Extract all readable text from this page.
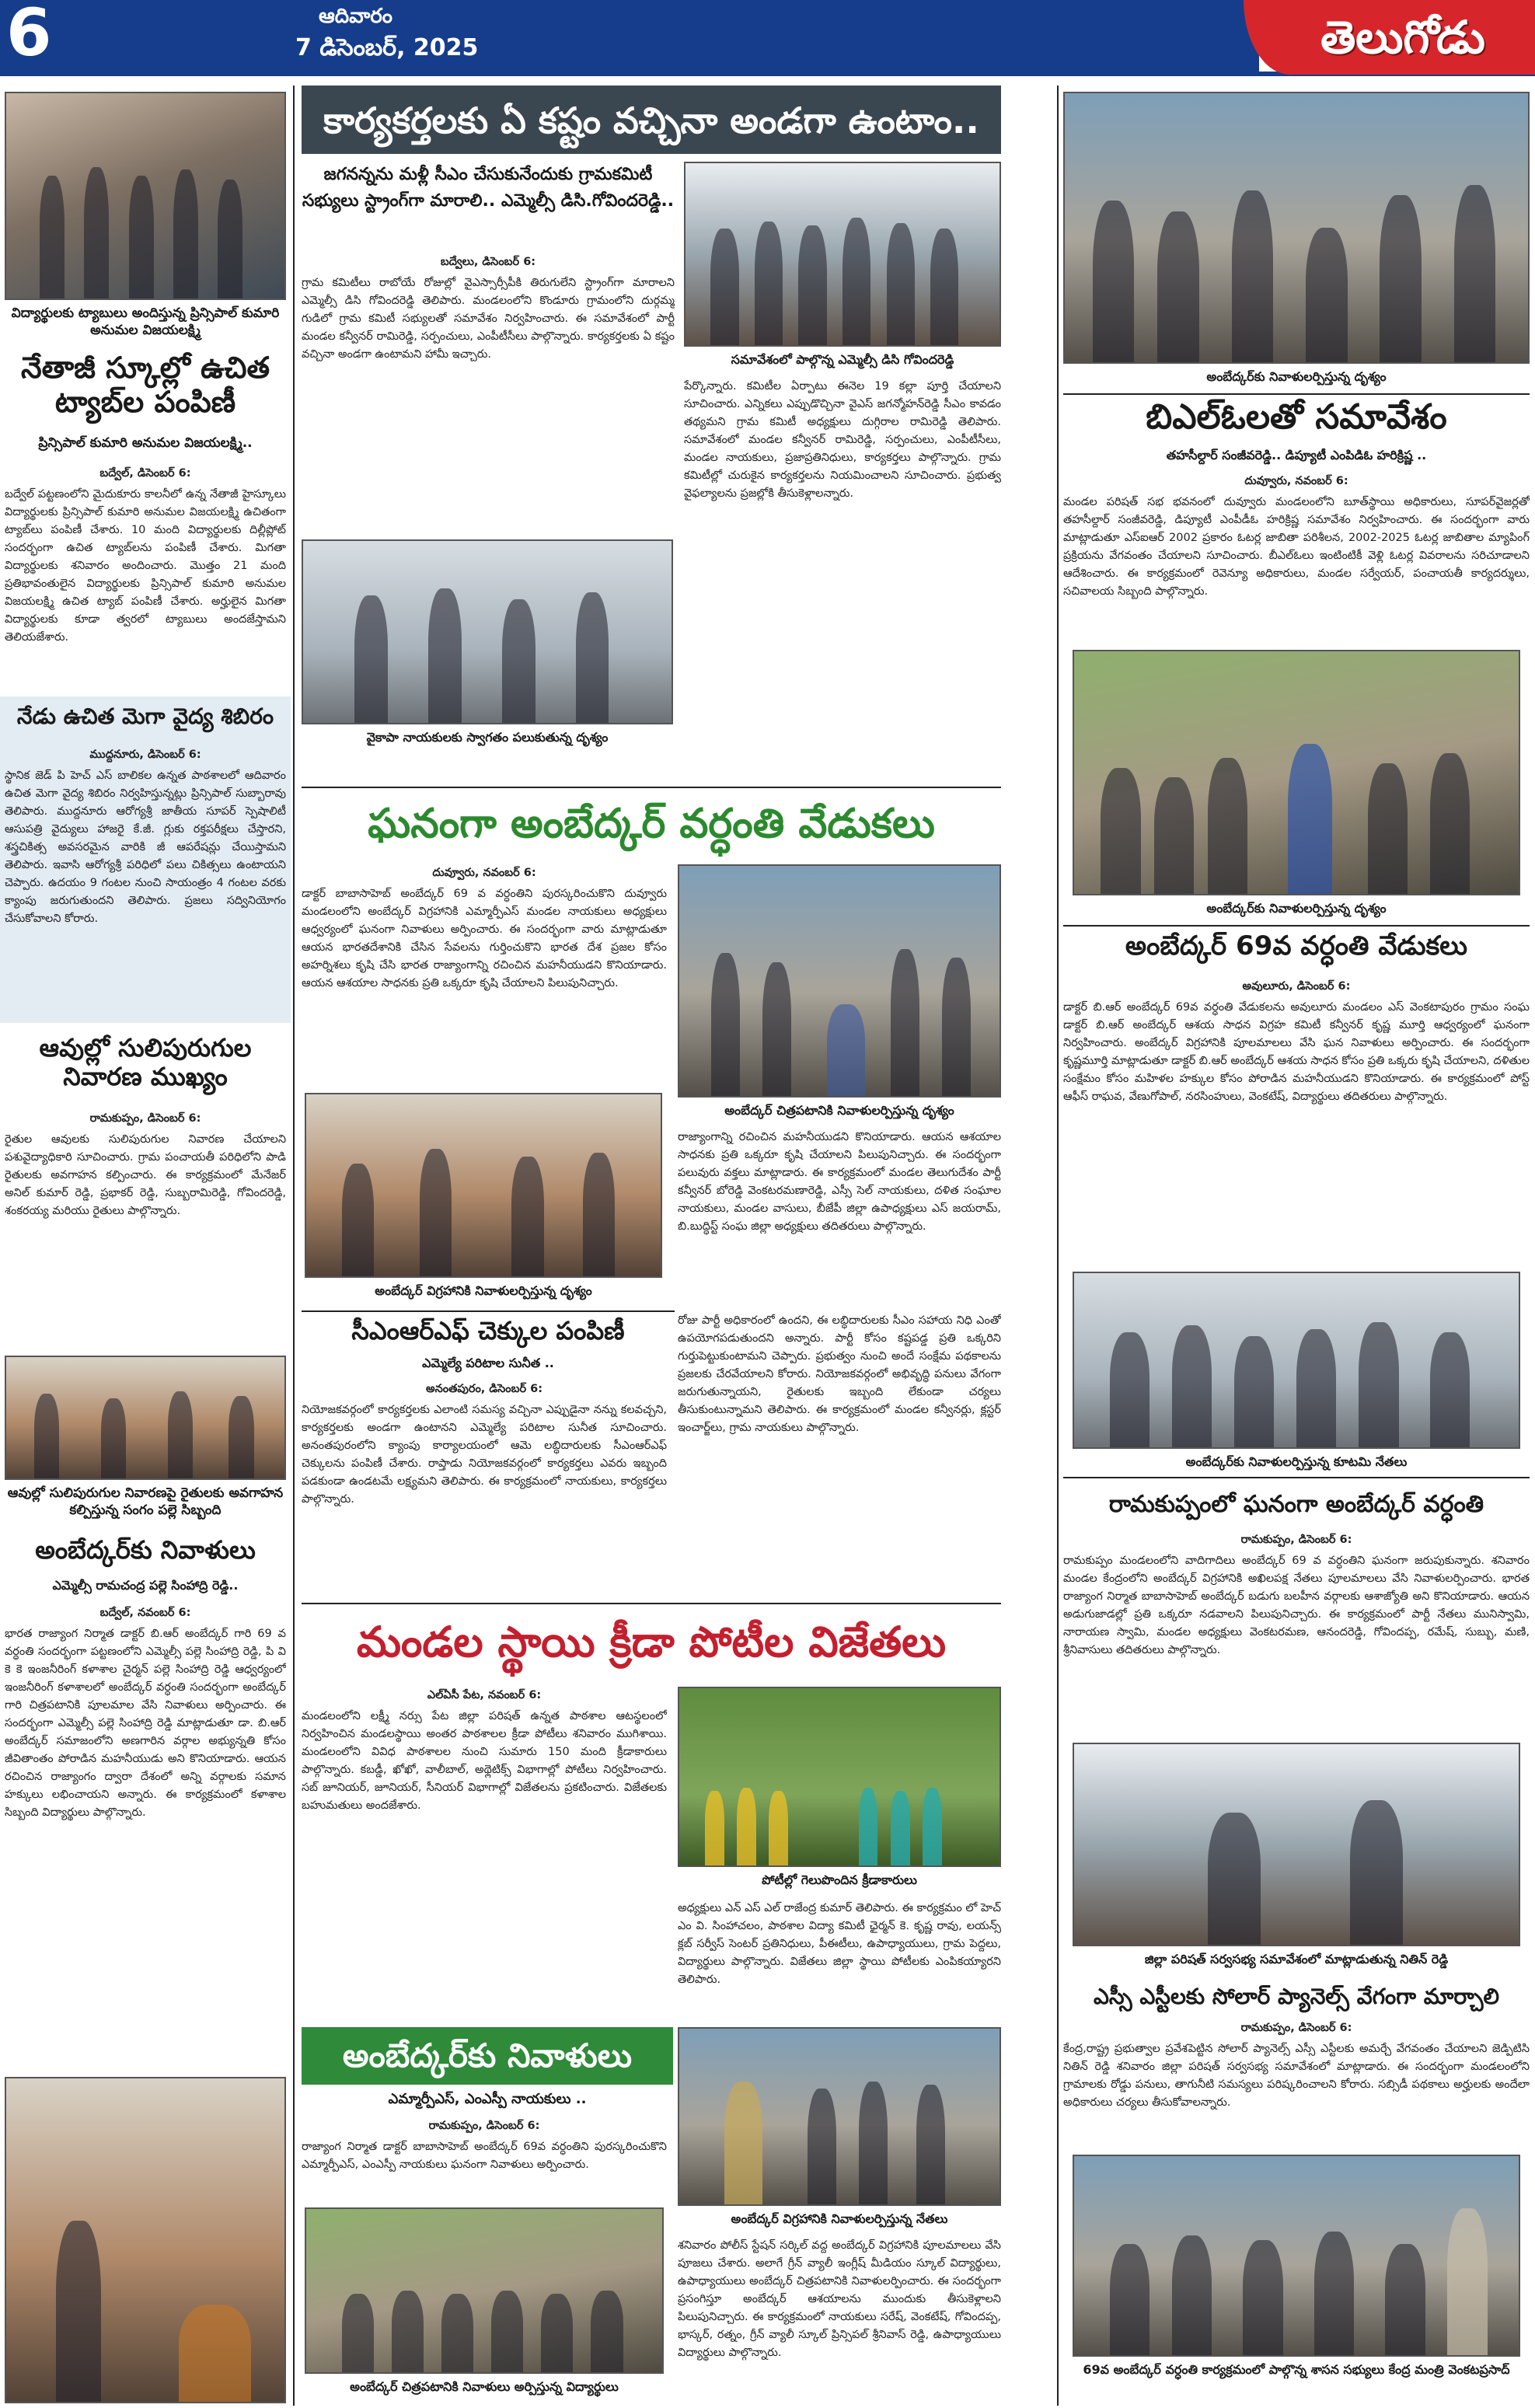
6	ఆదివారం
7 డిసెంబర్, 2025	తెలుగోడు
విద్యార్థులకు ట్యాబులు అందిస్తున్న ప్రిన్సిపాల్ కుమారి అనుమల విజయలక్ష్మి
నేతాజీ స్కూల్లో ఉచిత ట్యాబ్‌ల పంపిణీ
ప్రిన్సిపాల్ కుమారి అనుమల విజయలక్ష్మి..
బద్వేల్, డిసెంబర్ 6:
బద్వేల్ పట్టణంలోని మైదుకూరు కాలనీలో ఉన్న నేతాజీ హైస్కూలు విద్యార్థులకు ప్రిన్సిపాల్ కుమారి అనుమల విజయలక్ష్మి ఉచితంగా ట్యాబ్‌లు పంపిణీ చేశారు. 10 మంది విద్యార్థులకు దిల్లీప్లోట్ సందర్భంగా ఉచిత ట్యాబ్‌లను పంపిణీ చేశారు. మిగతా విద్యార్థులకు శనివారం అందించారు. మొత్తం 21 మంది ప్రతిభావంతులైన విద్యార్థులకు ప్రిన్సిపాల్ కుమారి అనుమల విజయలక్ష్మి ఉచిత ట్యాబ్ పంపిణీ చేశారు. అర్హులైన మిగతా విద్యార్థులకు కూడా త్వరలో ట్యాబులు అందజేస్తామని తెలియజేశారు.
నేడు ఉచిత మెగా వైద్య శిబిరం
ముద్దనూరు, డిసెంబర్ 6:
స్థానిక జెడ్ పి హెచ్ ఎస్ బాలికల ఉన్నత పాఠశాలలో ఆదివారం ఉచిత మెగా వైద్య శిబిరం నిర్వహిస్తున్నట్లు ప్రిన్సిపాల్ సుబ్బారావు తెలిపారు. ముద్దనూరు ఆరోగ్యశ్రీ జాతీయ సూపర్ స్పెషాలిటీ ఆసుపత్రి వైద్యులు హాజరై కే.జీ. గ్లుకు రక్తపరీక్షలు చేస్తారని, శస్త్రచికిత్స అవసరమైన వారికి జీ ఆపరేషన్లు చేయిస్తామని తెలిపారు. ఇవాసి ఆరోగ్యశ్రీ పరిధిలో పలు చికిత్సలు ఉంటాయని చెప్పారు. ఉదయం 9 గంటల నుంచి సాయంత్రం 4 గంటల వరకు క్యాంపు జరుగుతుందని తెలిపారు. ప్రజలు సద్వినియోగం చేసుకోవాలని కోరారు.
ఆవుల్లో సులిపురుగుల నివారణ ముఖ్యం
రామకుప్పం, డిసెంబర్ 6:
రైతుల ఆవులకు సులిపురుగుల నివారణ చేయాలని పశువైద్యాధికారి సూచించారు. గ్రామ పంచాయతీ పరిధిలోని పాడి రైతులకు అవగాహన కల్పించారు. ఈ కార్యక్రమంలో మేనేజర్ అనిల్ కుమార్ రెడ్డి, ప్రభాకర్ రెడ్డి, సుబ్బరామిరెడ్డి, గోవిందరెడ్డి, శంకరయ్య మరియు రైతులు పాల్గొన్నారు.
ఆవుల్లో సులిపురుగుల నివారణపై రైతులకు అవగాహన కల్పిస్తున్న సంగం పల్లె సిబ్బంది
అంబేద్కర్‌కు నివాళులు
ఎమ్మెల్సీ రామచంద్ర పల్లె సింహాద్రి రెడ్డి..
బద్వేల్, నవంబర్ 6:
భారత రాజ్యాంగ నిర్మాత డాక్టర్ బి.ఆర్ అంబేద్కర్ గారి 69 వ వర్ధంతి సందర్భంగా పట్టణంలోని ఎమ్మెల్సీ పల్లె సింహాద్రి రెడ్డి, పి వి కె కె ఇంజనీరింగ్ కళాశాల చైర్మన్ పల్లె సింహాద్రి రెడ్డి ఆధ్వర్యంలో ఇంజనీరింగ్ కళాశాలలో అంబేద్కర్ వర్ధంతి సందర్భంగా అంబేద్కర్ గారి చిత్రపటానికి పూలమాల వేసి నివాళులు అర్పించారు. ఈ సందర్భంగా ఎమ్మెల్సీ పల్లె సింహాద్రి రెడ్డి మాట్లాడుతూ డా. బి.ఆర్ అంబేద్కర్ సమాజంలోని అణగారిన వర్గాల అభ్యున్నతి కోసం జీవితాంతం పోరాడిన మహనీయుడు అని కొనియాడారు. ఆయన రచించిన రాజ్యాంగం ద్వారా దేశంలో అన్ని వర్గాలకు సమాన హక్కులు లభించాయని అన్నారు. ఈ కార్యక్రమంలో కళాశాల సిబ్బంది విద్యార్థులు పాల్గొన్నారు.
కార్యకర్తలకు ఏ కష్టం వచ్చినా అండగా ఉంటాం..
జగనన్నను మళ్లీ సీఎం చేసుకునేందుకు గ్రామకమిటీ సభ్యులు స్ట్రాంగ్‌గా మారాలి.. ఎమ్మెల్సీ డిసి.గోవిందరెడ్డి..
సమావేశంలో పాల్గొన్న ఎమ్మెల్సీ డిసి గోవిందరెడ్డి
బద్వేలు, డిసెంబర్ 6:
గ్రామ కమిటీలు రాబోయే రోజుల్లో వైఎస్సార్సీపీకి తిరుగులేని స్ట్రాంగ్‌గా మారాలని ఎమ్మెల్సీ డిసి గోవిందరెడ్డి తెలిపారు. మండలంలోని కొండూరు గ్రామంలోని దుర్గమ్మ గుడిలో గ్రామ కమిటీ సభ్యులతో సమావేశం నిర్వహించారు. ఈ సమావేశంలో పార్టీ మండల కన్వీనర్ రామిరెడ్డి, సర్పంచులు, ఎంపీటీసీలు పాల్గొన్నారు. కార్యకర్తలకు ఏ కష్టం వచ్చినా అండగా ఉంటామని హామీ ఇచ్చారు.
వైకాపా నాయకులకు స్వాగతం పలుకుతున్న దృశ్యం
పేర్కొన్నారు. కమిటీల ఏర్పాటు ఈనెల 19 కల్లా పూర్తి చేయాలని సూచించారు. ఎన్నికలు ఎప్పుడొచ్చినా వైఎస్ జగన్మోహన్‌రెడ్డి సీఎం కావడం తథ్యమని గ్రామ కమిటీ అధ్యక్షులు దుగ్గిరాల రామిరెడ్డి తెలిపారు. సమావేశంలో మండల కన్వీనర్ రామిరెడ్డి, సర్పంచులు, ఎంపీటీసీలు, మండల నాయకులు, ప్రజాప్రతినిధులు, కార్యకర్తలు పాల్గొన్నారు. గ్రామ కమిటీల్లో చురుకైన కార్యకర్తలను నియమించాలని సూచించారు. ప్రభుత్వ వైఫల్యాలను ప్రజల్లోకి తీసుకెళ్లాలన్నారు.
ఘనంగా అంబేద్కర్ వర్ధంతి వేడుకలు
దువ్వూరు, నవంబర్ 6:
డాక్టర్ బాబాసాహెబ్ అంబేద్కర్ 69 వ వర్ధంతిని పురస్కరించుకొని దువ్వూరు మండలంలోని అంబేద్కర్ విగ్రహానికి ఎమ్మార్పీఎస్ మండల నాయకులు అధ్యక్షులు ఆధ్వర్యంలో ఘనంగా నివాళులు అర్పించారు. ఈ సందర్భంగా వారు మాట్లాడుతూ ఆయన భారతదేశానికి చేసిన సేవలను గుర్తించుకొని భారత దేశ ప్రజల కోసం అహర్నిశలు కృషి చేసి భారత రాజ్యాంగాన్ని రచించిన మహనీయుడని కొనియాడారు. ఆయన ఆశయాల సాధనకు ప్రతి ఒక్కరూ కృషి చేయాలని పిలుపునిచ్చారు.
అంబేద్కర్ చిత్రపటానికి నివాళులర్పిస్తున్న దృశ్యం
అంబేద్కర్ విగ్రహానికి నివాళులర్పిస్తున్న దృశ్యం
రాజ్యాంగాన్ని రచించిన మహనీయుడని కొనియాడారు. ఆయన ఆశయాల సాధనకు ప్రతి ఒక్కరూ కృషి చేయాలని పిలుపునిచ్చారు. ఈ సందర్భంగా పలువురు వక్తలు మాట్లాడారు. ఈ కార్యక్రమంలో మండల తెలుగుదేశం పార్టీ కన్వీనర్ బోరెడ్డి వెంకటరమణారెడ్డి, ఎస్సీ సెల్ నాయకులు, దళిత సంఘాల నాయకులు, మండల వాసులు, బీజేపీ జిల్లా ఉపాధ్యక్షులు ఎస్ జయరామ్, బి.బుద్ధిస్ట్ సంఘ జిల్లా అధ్యక్షులు తదితరులు పాల్గొన్నారు.
సీఎంఆర్ఎఫ్ చెక్కుల పంపిణీ
ఎమ్మెల్యే పరిటాల సునీత ..
అనంతపురం, డిసెంబర్ 6:
నియోజకవర్గంలో కార్యకర్తలకు ఎలాంటి సమస్య వచ్చినా ఎప్పుడైనా నన్ను కలవచ్చని, కార్యకర్తలకు అండగా ఉంటానని ఎమ్మెల్యే పరిటాల సునీత సూచించారు. అనంతపురంలోని క్యాంపు కార్యాలయంలో ఆమె లబ్ధిదారులకు సీఎంఆర్ఎఫ్ చెక్కులను పంపిణీ చేశారు. రాప్తాడు నియోజకవర్గంలో కార్యకర్తలు ఎవరు ఇబ్బంది పడకుండా ఉండటమే లక్ష్యమని తెలిపారు. ఈ కార్యక్రమంలో నాయకులు, కార్యకర్తలు పాల్గొన్నారు.
రోజు పార్టీ అధికారంలో ఉందని, ఈ లబ్ధిదారులకు సీఎం సహాయ నిధి ఎంతో ఉపయోగపడుతుందని అన్నారు. పార్టీ కోసం కష్టపడ్డ ప్రతి ఒక్కరిని గుర్తుపెట్టుకుంటామని చెప్పారు. ప్రభుత్వం నుంచి అందే సంక్షేమ పథకాలను ప్రజలకు చేరవేయాలని కోరారు. నియోజకవర్గంలో అభివృద్ధి పనులు వేగంగా జరుగుతున్నాయని, రైతులకు ఇబ్బంది లేకుండా చర్యలు తీసుకుంటున్నామని తెలిపారు. ఈ కార్యక్రమంలో మండల కన్వీనర్లు, క్లస్టర్ ఇంచార్జ్‌లు, గ్రామ నాయకులు పాల్గొన్నారు.
మండల స్థాయి క్రీడా పోటీల విజేతలు
ఎల్ఏసీ పేట, నవంబర్ 6:
మండలంలోని లక్ష్మీ నర్సు పేట జిల్లా పరిషత్ ఉన్నత పాఠశాల ఆటస్థలంలో నిర్వహించిన మండలస్థాయి అంతర పాఠశాలల క్రీడా పోటీలు శనివారం ముగిశాయి. మండలంలోని వివిధ పాఠశాలల నుంచి సుమారు 150 మంది క్రీడాకారులు పాల్గొన్నారు. కబడ్డీ, ఖోఖో, వాలీబాల్, అథ్లెటిక్స్ విభాగాల్లో పోటీలు నిర్వహించారు. సబ్ జూనియర్, జూనియర్, సీనియర్ విభాగాల్లో విజేతలను ప్రకటించారు. విజేతలకు బహుమతులు అందజేశారు.
పోటీల్లో గెలుపొందిన క్రీడాకారులు
అధ్యక్షులు ఎన్ ఎస్ ఎల్ రాజేంద్ర కుమార్ తెలిపారు. ఈ కార్యక్రమం లో హెచ్ ఎం వి. సింహాచలం, పాఠశాల విద్యా కమిటీ ఛైర్మన్ కె. కృష్ణ రావు, లయన్స్ క్లబ్ సర్వీస్ సెంటర్ ప్రతినిధులు, పీఈటీలు, ఉపాధ్యాయులు, గ్రామ పెద్దలు, విద్యార్థులు పాల్గొన్నారు. విజేతలు జిల్లా స్థాయి పోటీలకు ఎంపికయ్యారని తెలిపారు.
అంబేద్కర్‌కు నివాళులు
ఎమ్మార్పీఎస్, ఎంఎస్పీ నాయకులు ..
రామకుప్పం, డిసెంబర్ 6:
రాజ్యాంగ నిర్మాత డాక్టర్ బాబాసాహెబ్ అంబేద్కర్ 69వ వర్ధంతిని పురస్కరించుకొని ఎమ్మార్పీఎస్, ఎంఎస్పీ నాయకులు ఘనంగా నివాళులు అర్పించారు.
అంబేద్కర్ చిత్రపటానికి నివాళులు అర్పిస్తున్న విద్యార్థులు
అంబేద్కర్ విగ్రహానికి నివాళులర్పిస్తున్న నేతలు
శనివారం పోలీస్ స్టేషన్ సర్కిల్ వద్ద అంబేద్కర్ విగ్రహానికి పూలమాలలు వేసి పూజలు చేశారు. అలాగే గ్రీన్ వ్యాలీ ఇంగ్లీష్ మీడియం స్కూల్ విద్యార్థులు, ఉపాధ్యాయులు అంబేద్కర్ చిత్రపటానికి నివాళులర్పించారు. ఈ సందర్భంగా ప్రసంగిస్తూ అంబేద్కర్ ఆశయాలను ముందుకు తీసుకెళ్లాలని పిలుపునిచ్చారు. ఈ కార్యక్రమంలో నాయకులు సరేష్, వెంకటేష్, గోవిందప్ప, భాస్కర్, రత్నం, గ్రీన్ వ్యాలీ స్కూల్ ప్రిన్సిపల్ శ్రీనివాస్ రెడ్డి, ఉపాధ్యాయులు విద్యార్థులు పాల్గొన్నారు.
అంబేద్కర్‌కు నివాళులర్పిస్తున్న దృశ్యం
బిఎల్ఓలతో సమావేశం
తహసీల్దార్ సంజీవరెడ్డి.. డిప్యూటీ ఎంపిడిఓ హరిక్రిష్ణ ..
దువ్వూరు, నవంబర్ 6:
మండల పరిషత్ సభ భవనంలో దువ్వూరు మండలంలోని బూత్‌స్థాయి అధికారులు, సూపర్‌వైజర్లతో తహసీల్దార్ సంజీవరెడ్డి, డిప్యూటీ ఎంపీడీఓ హరిక్రిష్ణ సమావేశం నిర్వహించారు. ఈ సందర్భంగా వారు మాట్లాడుతూ ఎస్ఐఆర్ 2002 ప్రకారం ఓటర్ల జాబితా పరిశీలన, 2002-2025 ఓటర్ల జాబితాల మ్యాపింగ్ ప్రక్రియను వేగవంతం చేయాలని సూచించారు. బీఎల్‌ఓలు ఇంటింటికీ వెళ్లి ఓటర్ల వివరాలను సరిచూడాలని ఆదేశించారు. ఈ కార్యక్రమంలో రెవెన్యూ అధికారులు, మండల సర్వేయర్, పంచాయతీ కార్యదర్శులు, సచివాలయ సిబ్బంది పాల్గొన్నారు.
అంబేద్కర్‌కు నివాళులర్పిస్తున్న దృశ్యం
అంబేద్కర్ 69వ వర్ధంతి వేడుకలు
అవులూరు, డిసెంబర్ 6:
డాక్టర్ బి.ఆర్ అంబేద్కర్ 69వ వర్ధంతి వేడుకలను అవులూరు మండలం ఎస్ వెంకటాపురం గ్రామం సంఘ డాక్టర్ బి.ఆర్ అంబేద్కర్ ఆశయ సాధన విగ్రహ కమిటీ కన్వీనర్ కృష్ణ మూర్తి ఆధ్వర్యంలో ఘనంగా నిర్వహించారు. అంబేద్కర్ విగ్రహానికి పూలమాలలు వేసి ఘన నివాళులు అర్పించారు. ఈ సందర్భంగా కృష్ణమూర్తి మాట్లాడుతూ డాక్టర్ బి.ఆర్ అంబేద్కర్ ఆశయ సాధన కోసం ప్రతి ఒక్కరు కృషి చేయాలని, దళితుల సంక్షేమం కోసం మహిళల హక్కుల కోసం పోరాడిన మహనీయుడని కొనియాడారు. ఈ కార్యక్రమంలో పోస్ట్ ఆఫీస్ రాఘవ, వేణుగోపాల్, నరసింహులు, వెంకటేష్, విద్యార్థులు తదితరులు పాల్గొన్నారు.
అంబేద్కర్‌కు నివాళులర్పిస్తున్న కూటమి నేతలు
రామకుప్పంలో ఘనంగా అంబేద్కర్ వర్ధంతి
రామకుప్పం, డిసెంబర్ 6:
రామకుప్పం మండలంలోని వాదిగాదిలు అంబేద్కర్ 69 వ వర్ధంతిని ఘనంగా జరుపుకున్నారు. శనివారం మండల కేంద్రంలోని అంబేద్కర్ విగ్రహానికి అఖిలపక్ష నేతలు పూలమాలలు వేసి నివాళులర్పించారు. భారత రాజ్యాంగ నిర్మాత బాబాసాహెబ్ అంబేద్కర్ బడుగు బలహీన వర్గాలకు ఆశాజ్యోతి అని కొనియాడారు. ఆయన అడుగుజాడల్లో ప్రతి ఒక్కరూ నడవాలని పిలుపునిచ్చారు. ఈ కార్యక్రమంలో పార్టీ నేతలు మునిస్వామి, నారాయణ స్వామి, మండల అధ్యక్షులు వెంకటరమణ, ఆనందరెడ్డి, గోవిందప్ప, రమేష్, సుబ్బు, మణి, శ్రీనివాసులు తదితరులు పాల్గొన్నారు.
జిల్లా పరిషత్ సర్వసభ్య సమావేశంలో మాట్లాడుతున్న నితిన్ రెడ్డి
ఎస్సీ ఎస్టీలకు సోలార్ ప్యానెల్స్ వేగంగా మార్చాలి
రామకుప్పం, డిసెంబర్ 6:
కేంద్ర,రాష్ట్ర ప్రభుత్వాల ప్రవేశపెట్టిన సోలార్ ప్యానెల్స్ ఎస్సీ ఎస్టీలకు అమర్చే వేగవంతం చేయాలని జెడ్పిటిసి నితిన్ రెడ్డి శనివారం జిల్లా పరిషత్ సర్వసభ్య సమావేశంలో మాట్లాడారు. ఈ సందర్భంగా మండలంలోని గ్రామాలకు రోడ్డు పనులు, తాగునీటి సమస్యలు పరిష్కరించాలని కోరారు. సబ్సిడీ పథకాలు అర్హులకు అందేలా అధికారులు చర్యలు తీసుకోవాలన్నారు.
69వ అంబేద్కర్ వర్ధంతి కార్యక్రమంలో పాల్గొన్న శాసన సభ్యులు కేంద్ర మంత్రి వెంకటప్రసాద్
